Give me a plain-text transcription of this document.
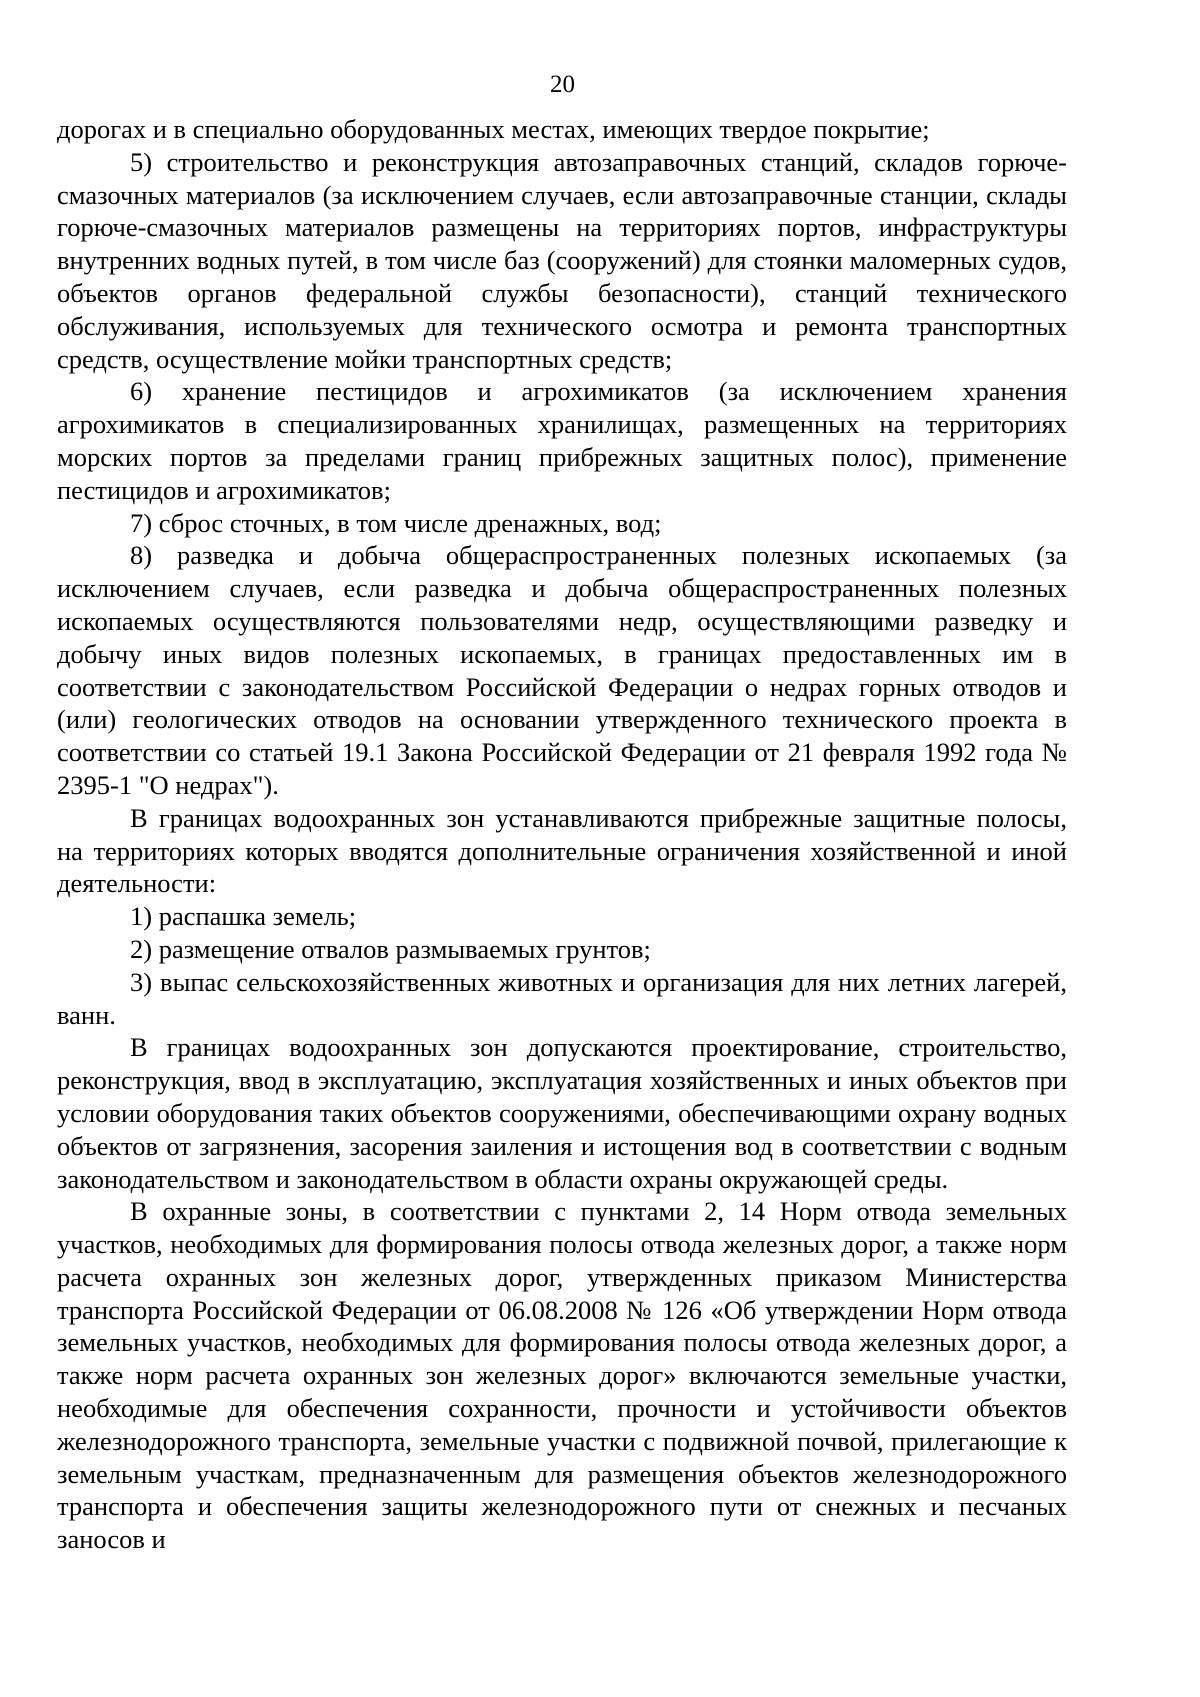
20

дорогах и в специально оборудованных местах, имеющих твердое покрытие;

5) строительство и реконструкция автозаправочных станций, складов горюче-смазочных материалов (за исключением случаев, если автозаправочные станции, склады горюче-смазочных материалов размещены на территориях портов, инфраструктуры внутренних водных путей, в том числе баз (сооружений) для стоянки маломерных судов, объектов органов федеральной службы безопасности), станций технического обслуживания, используемых для технического осмотра и ремонта транспортных средств, осуществление мойки транспортных средств;

6) хранение пестицидов и агрохимикатов (за исключением хранения агрохимикатов в специализированных хранилищах, размещенных на территориях морских портов за пределами границ прибрежных защитных полос), применение пестицидов и агрохимикатов;

7) сброс сточных, в том числе дренажных, вод;

8) разведка и добыча общераспространенных полезных ископаемых (за исключением случаев, если разведка и добыча общераспространенных полезных ископаемых осуществляются пользователями недр, осуществляющими разведку и добычу иных видов полезных ископаемых, в границах предоставленных им в соответствии с законодательством Российской Федерации о недрах горных отводов и (или) геологических отводов на основании утвержденного технического проекта в соответствии со статьей 19.1 Закона Российской Федерации от 21 февраля 1992 года № 2395-1 "О недрах").

В границах водоохранных зон устанавливаются прибрежные защитные полосы, на территориях которых вводятся дополнительные ограничения хозяйственной и иной деятельности:

1) распашка земель;

2) размещение отвалов размываемых грунтов;

3) выпас сельскохозяйственных животных и организация для них летних лагерей, ванн.

В границах водоохранных зон допускаются проектирование, строительство, реконструкция, ввод в эксплуатацию, эксплуатация хозяйственных и иных объектов при условии оборудования таких объектов сооружениями, обеспечивающими охрану водных объектов от загрязнения, засорения заиления и истощения вод в соответствии с водным законодательством и законодательством в области охраны окружающей среды.

В охранные зоны, в соответствии с пунктами 2, 14 Норм отвода земельных участков, необходимых для формирования полосы отвода железных дорог, а также норм расчета охранных зон железных дорог, утвержденных приказом Министерства транспорта Российской Федерации от 06.08.2008 № 126 «Об утверждении Норм отвода земельных участков, необходимых для формирования полосы отвода железных дорог, а также норм расчета охранных зон железных дорог» включаются земельные участки, необходимые для обеспечения сохранности, прочности и устойчивости объектов железнодорожного транспорта, земельные участки с подвижной почвой, прилегающие к земельным участкам, предназначенным для размещения объектов железнодорожного транспорта и обеспечения защиты железнодорожного пути от снежных и песчаных заносов и
